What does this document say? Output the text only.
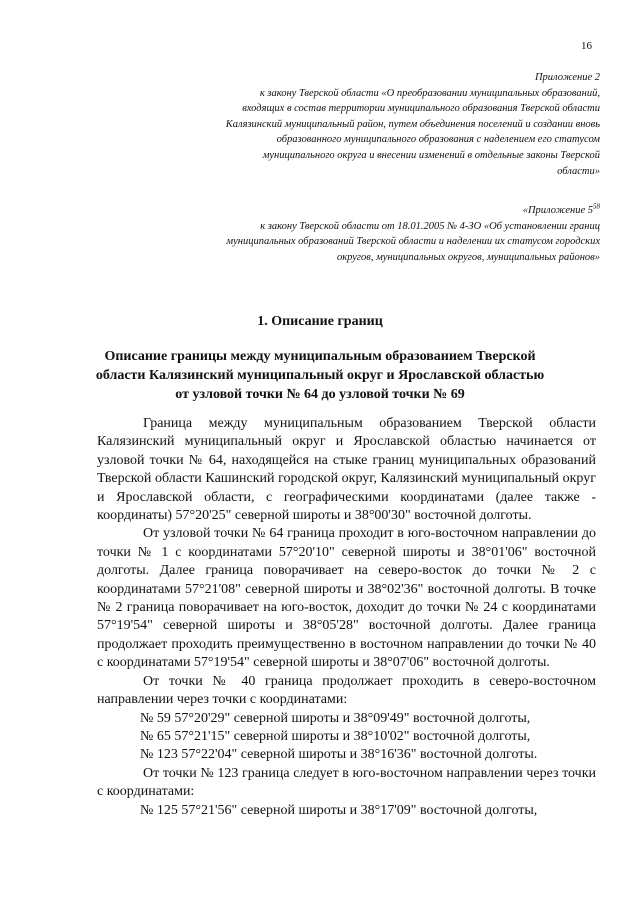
16
Приложение 2

к закону Тверской области «О преобразовании муниципальных образований, входящих в состав территории муниципального образования Тверской области Калязинский муниципальный район, путем объединения поселений и создании вновь образованного муниципального образования с наделением его статусом муниципального округа и внесении изменений в отдельные законы Тверской области»

«Приложение $5^{58}$

к закону Тверской области от 18.01.2005 № 4-ЗО «Об установлении границ муниципальных образований Тверской области и наделении их статусом городских округов, муниципальных округов, муниципальных районов»

1. Описание границ
Описание границы между муниципальным образованием Тверской
области Калязинский муниципальный округ и Ярославской областью
от узловой точки № 64 до узловой точки № 69

Граница между муниципальным образованием Тверской области Калязинский муниципальный округ и Ярославской областью начинается от узловой точки № 64, находящейся на стыке границ муниципальных образований Тверской области Кашинский городской округ, Калязинский муниципальный округ и Ярославской области, с географическими координатами (далее также - координаты) 57°20'25" северной широты и 38°00'30" восточной долготы.

От узловой точки № 64 граница проходит в юго-восточном направлении до точки № 1 с координатами 57°20'10" северной широты и 38°01'06" восточной долготы. Далее граница поворачивает на северо-восток до точки № 2 с координатами 57°21'08" северной широты и 38°02'36" восточной долготы. В точке № 2 граница поворачивает на юго-восток, доходит до точки № 24 с координатами 57°19'54" северной широты и 38°05'28" восточной долготы. Далее граница продолжает проходить преимущественно в восточном направлении до точки № 40 с координатами 57°19'54" северной широты и 38°07'06" восточной долготы.

От точки № 40 граница продолжает проходить в северо-восточном направлении через точки с координатами:

№ 59 57°20'29" северной широты и 38°09'49" восточной долготы,

№ 65 57°21'15" северной широты и 38°10'02" восточной долготы,

№ 123 57°22'04" северной широты и 38°16'36" восточной долготы.

От точки № 123 граница следует в юго-восточном направлении через точки с координатами:

№ 125 57°21'56" северной широты и 38°17'09" восточной долготы,
